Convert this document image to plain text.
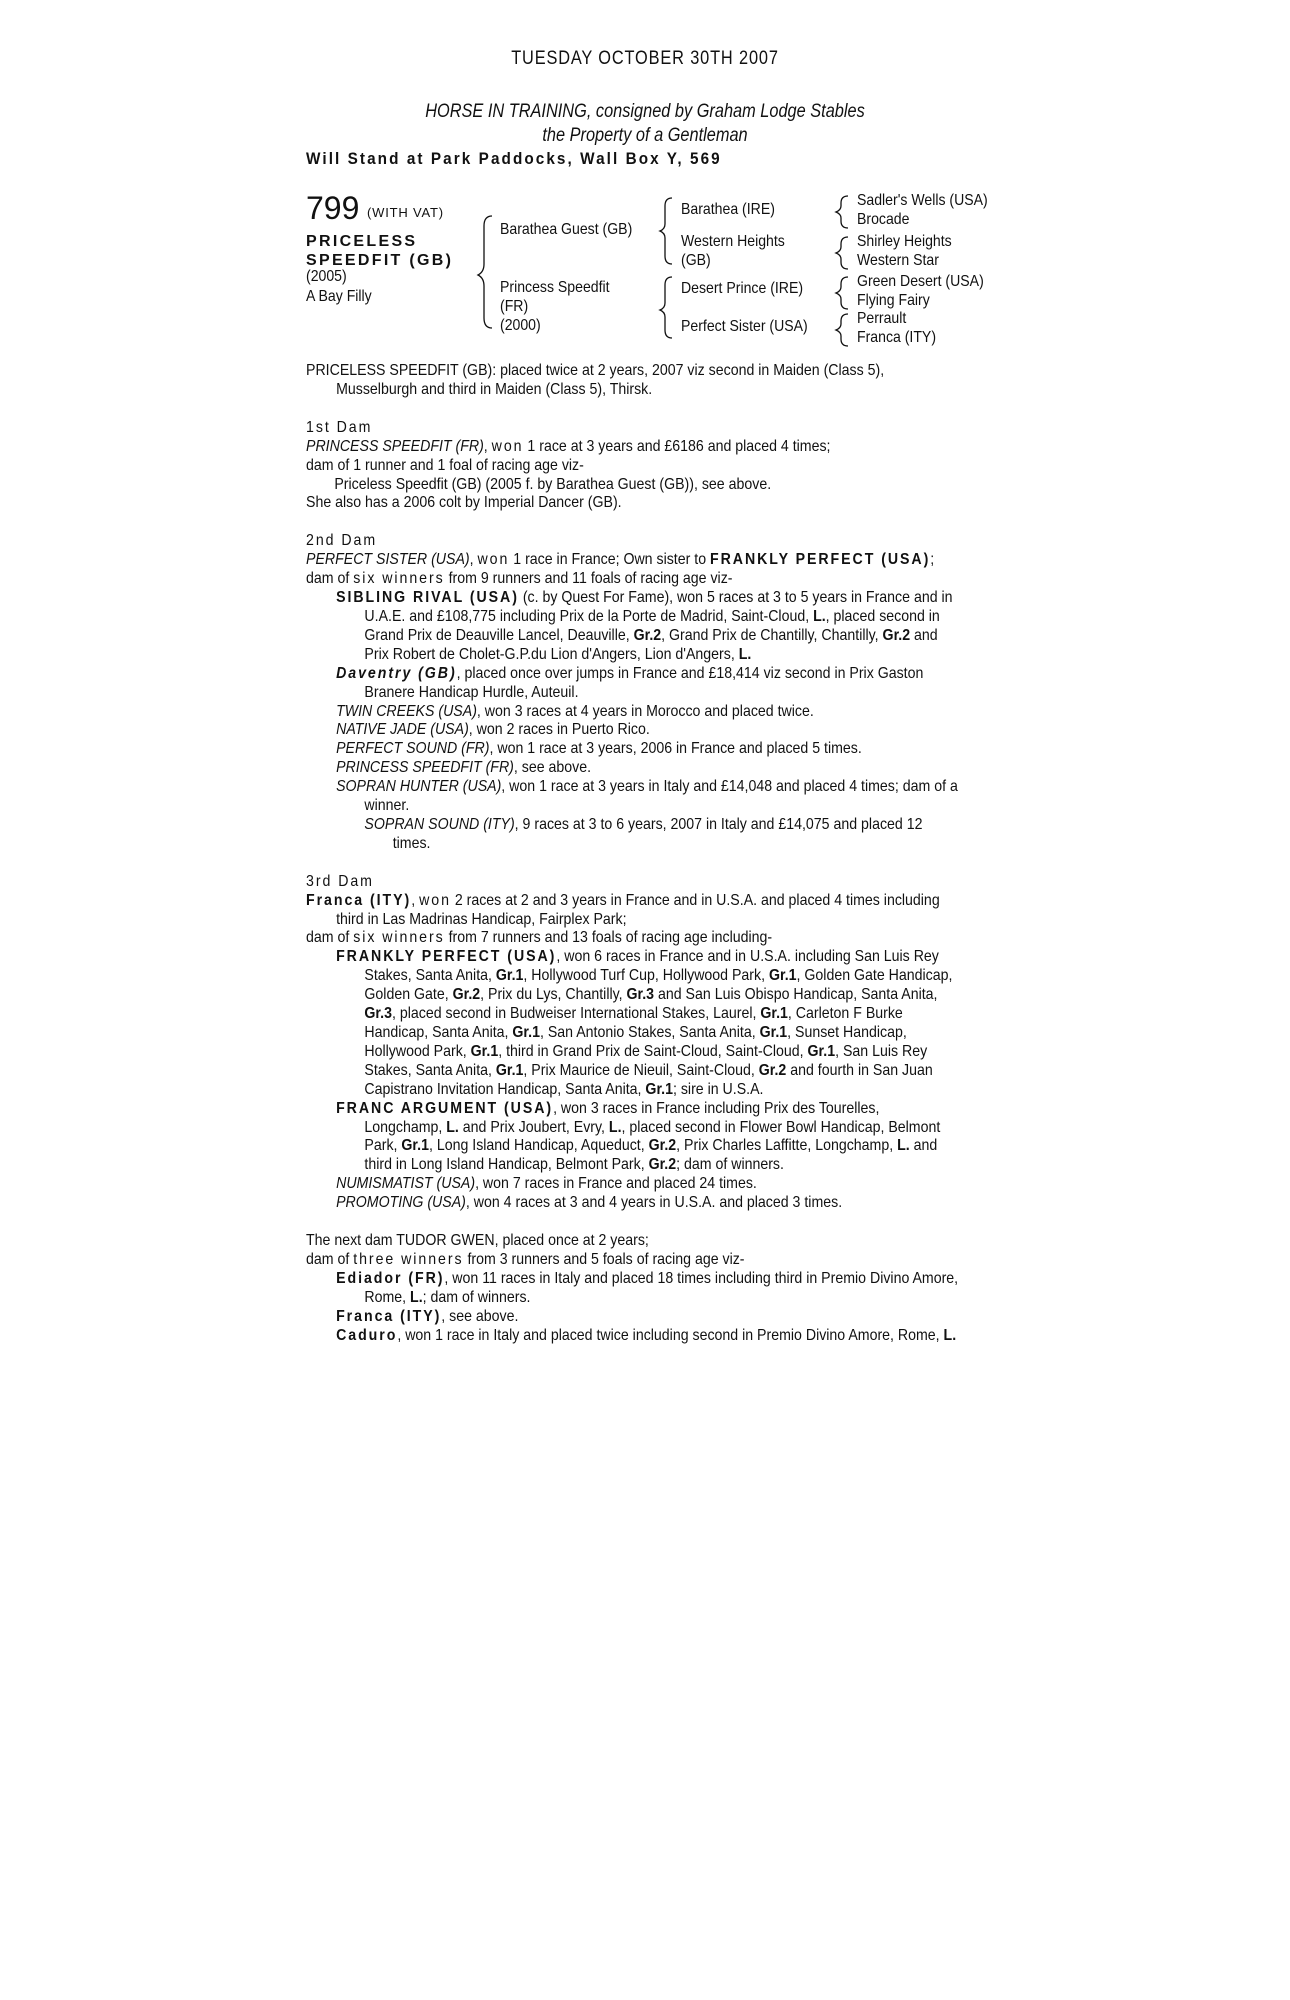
TUESDAY OCTOBER 30TH 2007
HORSE IN TRAINING, consigned by Graham Lodge Stables
the Property of a Gentleman
Will Stand at Park Paddocks, Wall Box Y, 569
799 (WITH VAT)
PRICELESS
SPEEDFIT (GB)
(2005)
A Bay Filly
Barathea Guest (GB)
Princess Speedfit
(FR)
(2000)
Barathea (IRE)
Western Heights
(GB)
Desert Prince (IRE)
Perfect Sister (USA)
Sadler's Wells (USA)
Brocade
Shirley Heights
Western Star
Green Desert (USA)
Flying Fairy
Perrault
Franca (ITY)
PRICELESS SPEEDFIT (GB): placed twice at 2 years, 2007 viz second in Maiden (Class 5), Musselburgh and third in Maiden (Class 5), Thirsk.
1st Dam
PRINCESS SPEEDFIT (FR), won 1 race at 3 years and £6186 and placed 4 times;
dam of 1 runner and 1 foal of racing age viz-
Priceless Speedfit (GB) (2005 f. by Barathea Guest (GB)), see above.
She also has a 2006 colt by Imperial Dancer (GB).
2nd Dam
PERFECT SISTER (USA), won 1 race in France; Own sister to FRANKLY PERFECT (USA);
dam of six winners from 9 runners and 11 foals of racing age viz-
SIBLING RIVAL (USA) (c. by Quest For Fame), won 5 races at 3 to 5 years in France and in U.A.E. and £108,775 including Prix de la Porte de Madrid, Saint-Cloud, L., placed second in Grand Prix de Deauville Lancel, Deauville, Gr.2, Grand Prix de Chantilly, Chantilly, Gr.2 and Prix Robert de Cholet-G.P.du Lion d'Angers, Lion d'Angers, L.
Daventry (GB), placed once over jumps in France and £18,414 viz second in Prix Gaston Branere Handicap Hurdle, Auteuil.
TWIN CREEKS (USA), won 3 races at 4 years in Morocco and placed twice.
NATIVE JADE (USA), won 2 races in Puerto Rico.
PERFECT SOUND (FR), won 1 race at 3 years, 2006 in France and placed 5 times.
PRINCESS SPEEDFIT (FR), see above.
SOPRAN HUNTER (USA), won 1 race at 3 years in Italy and £14,048 and placed 4 times; dam of a winner.
SOPRAN SOUND (ITY), 9 races at 3 to 6 years, 2007 in Italy and £14,075 and placed 12 times.
3rd Dam
Franca (ITY), won 2 races at 2 and 3 years in France and in U.S.A. and placed 4 times including third in Las Madrinas Handicap, Fairplex Park;
dam of six winners from 7 runners and 13 foals of racing age including-
FRANKLY PERFECT (USA), won 6 races in France and in U.S.A. including San Luis Rey Stakes, Santa Anita, Gr.1, Hollywood Turf Cup, Hollywood Park, Gr.1, Golden Gate Handicap, Golden Gate, Gr.2, Prix du Lys, Chantilly, Gr.3 and San Luis Obispo Handicap, Santa Anita, Gr.3, placed second in Budweiser International Stakes, Laurel, Gr.1, Carleton F Burke Handicap, Santa Anita, Gr.1, San Antonio Stakes, Santa Anita, Gr.1, Sunset Handicap, Hollywood Park, Gr.1, third in Grand Prix de Saint-Cloud, Saint-Cloud, Gr.1, San Luis Rey Stakes, Santa Anita, Gr.1, Prix Maurice de Nieuil, Saint-Cloud, Gr.2 and fourth in San Juan Capistrano Invitation Handicap, Santa Anita, Gr.1; sire in U.S.A.
FRANC ARGUMENT (USA), won 3 races in France including Prix des Tourelles, Longchamp, L. and Prix Joubert, Evry, L., placed second in Flower Bowl Handicap, Belmont Park, Gr.1, Long Island Handicap, Aqueduct, Gr.2, Prix Charles Laffitte, Longchamp, L. and third in Long Island Handicap, Belmont Park, Gr.2; dam of winners.
NUMISMATIST (USA), won 7 races in France and placed 24 times.
PROMOTING (USA), won 4 races at 3 and 4 years in U.S.A. and placed 3 times.
The next dam TUDOR GWEN, placed once at 2 years;
dam of three winners from 3 runners and 5 foals of racing age viz-
Ediador (FR), won 11 races in Italy and placed 18 times including third in Premio Divino Amore, Rome, L.; dam of winners.
Franca (ITY), see above.
Caduro, won 1 race in Italy and placed twice including second in Premio Divino Amore, Rome, L.
